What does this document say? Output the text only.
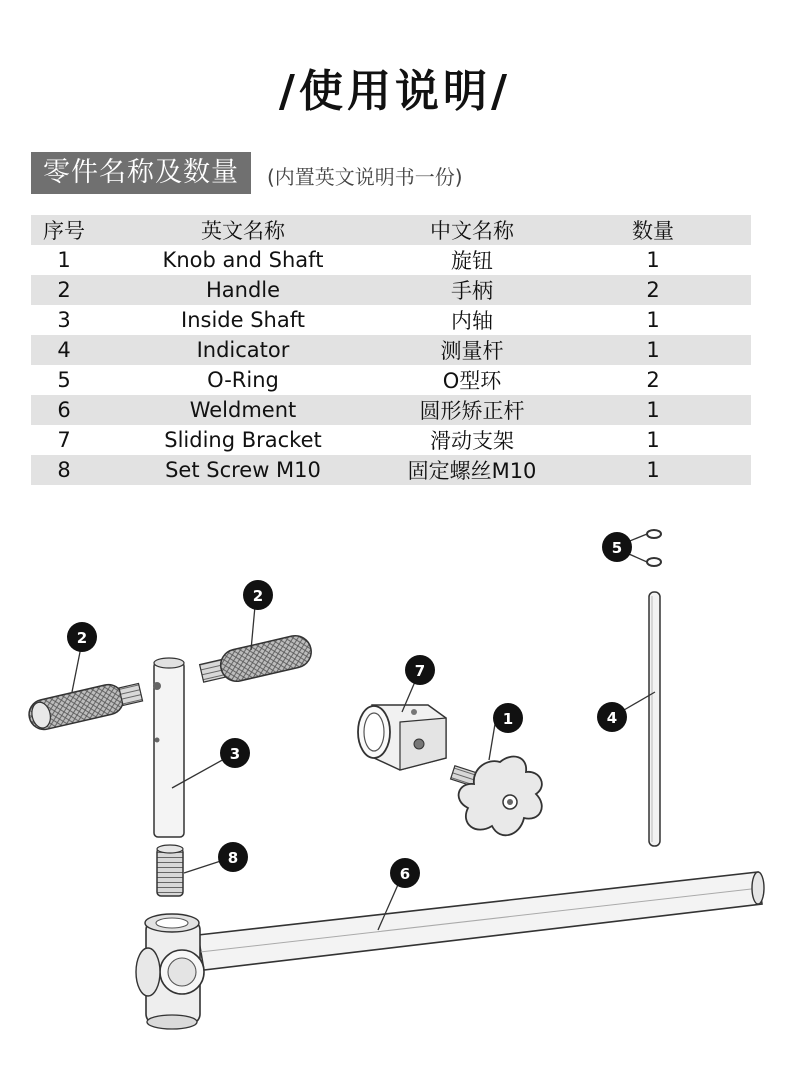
/使用说明/
零件名称及数量	(内置英文说明书一份)
序号	英文名称	中文名称	数量
1	Knob and Shaft	旋钮	1
2	Handle	手柄	2
3	Inside Shaft	内轴	1
4	Indicator	测量杆	1
5	O-Ring	O型环	2
6	Weldment	圆形矫正杆	1
7	Sliding Bracket	滑动支架	1
8	Set Screw M10	固定螺丝M10	1
1
2
2
3
4
5
6
7
8
